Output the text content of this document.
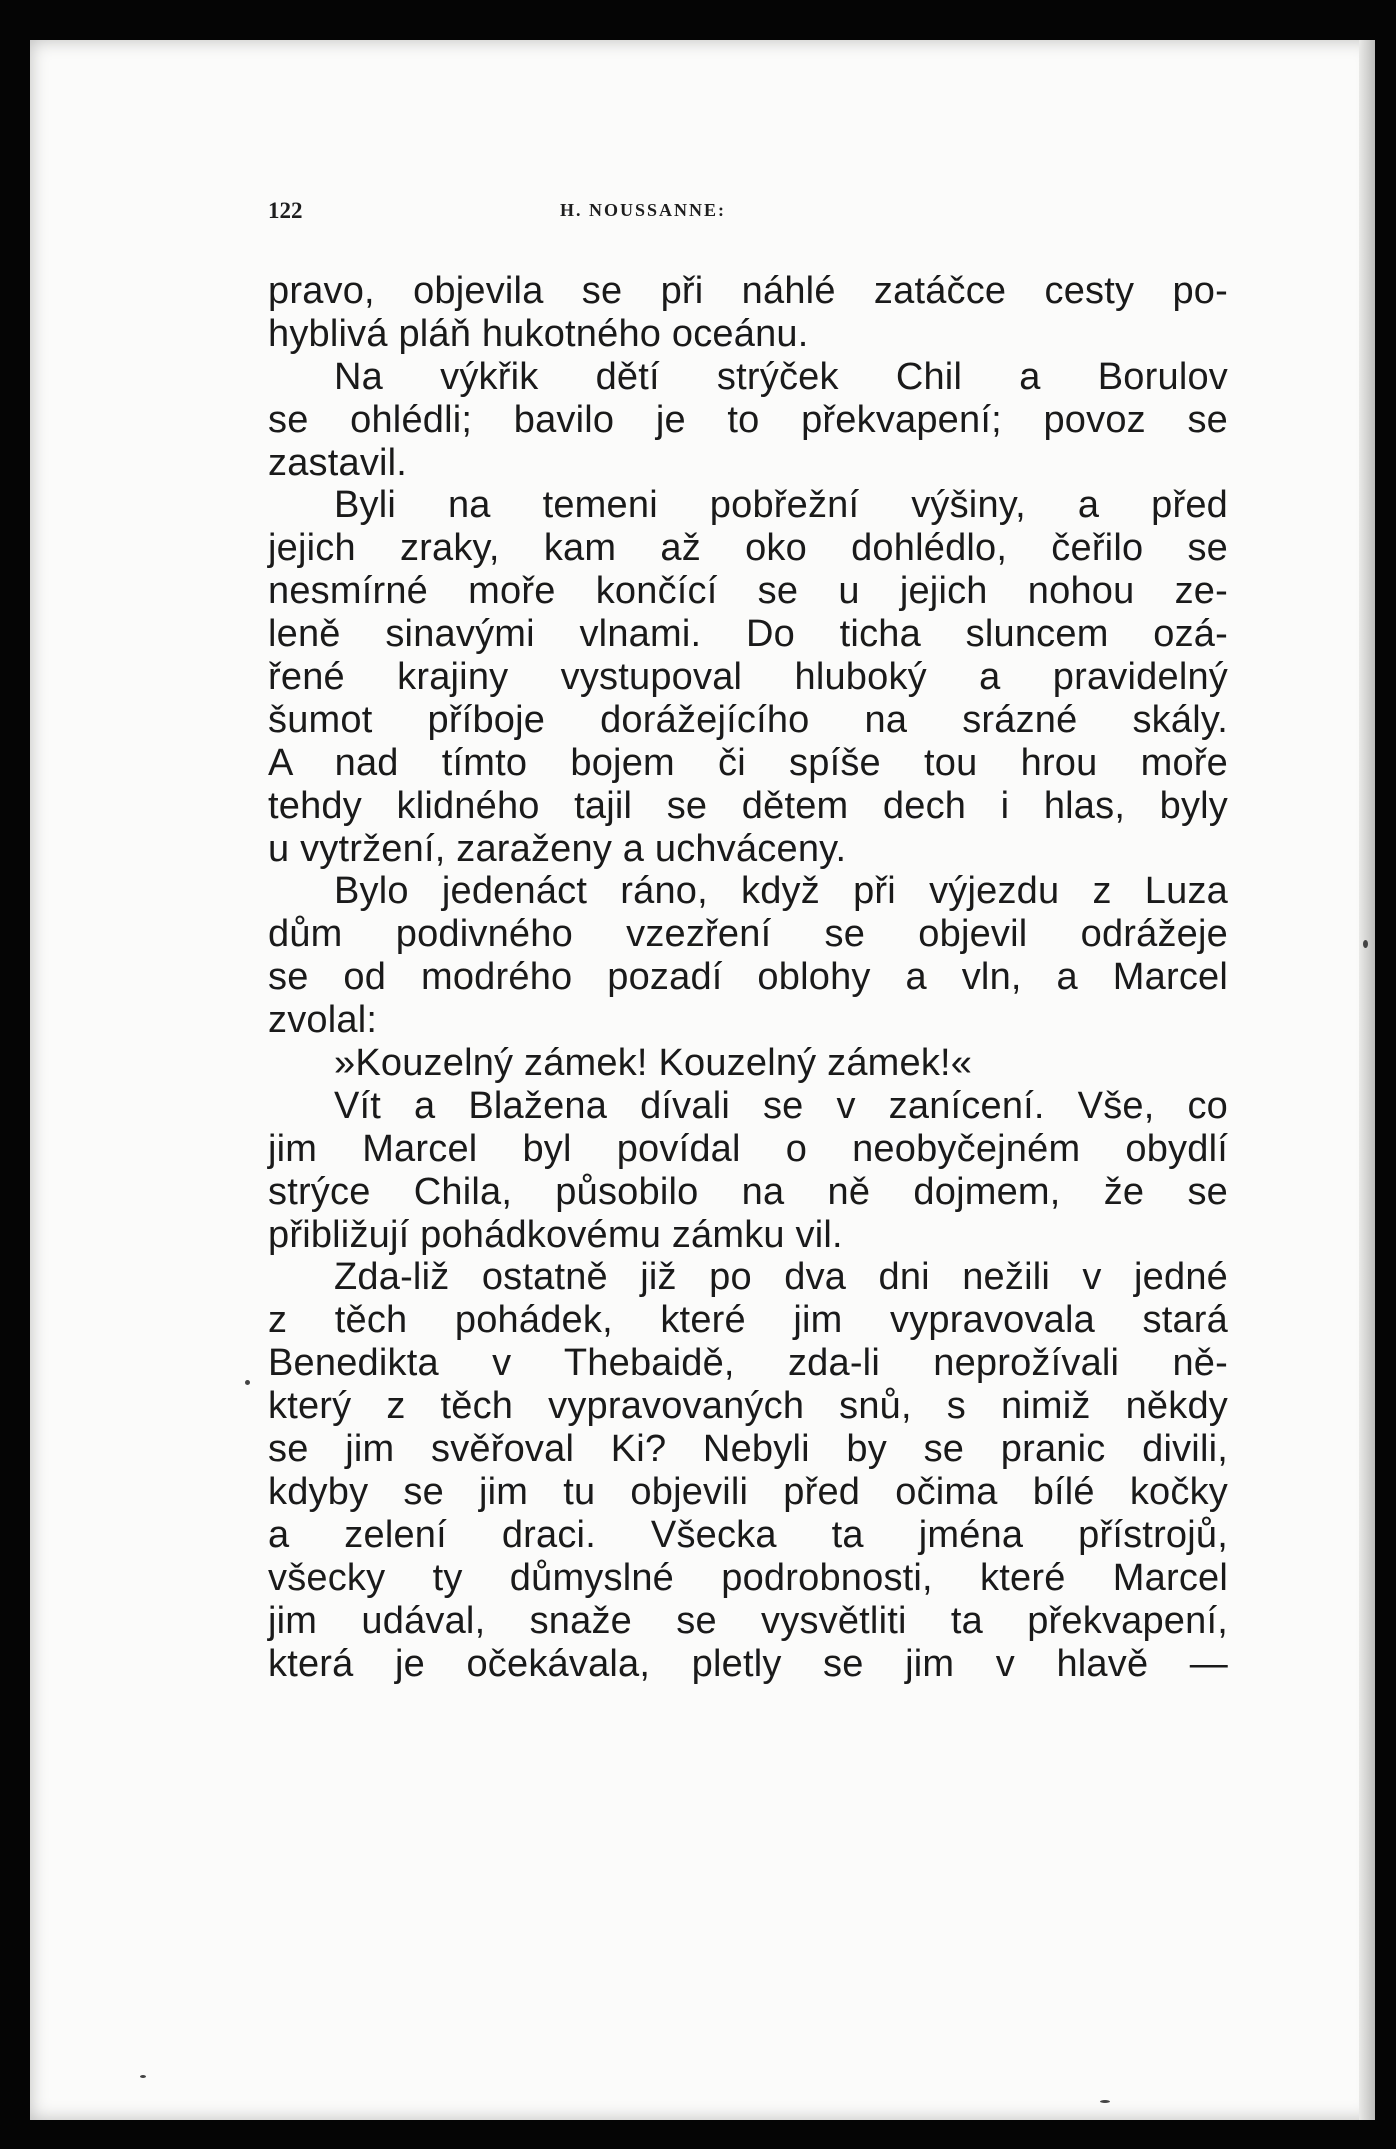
122	H. NOUSSANNE:
pravo, objevila se při náhlé zatáčce cesty po-
hyblivá pláň hukotného oceánu.
Na výkřik dětí strýček Chil a Borulov
se ohlédli; bavilo je to překvapení; povoz se
zastavil.
Byli na temeni pobřežní výšiny, a před
jejich zraky, kam až oko dohlédlo, čeřilo se
nesmírné moře končící se u jejich nohou ze-
leně sinavými vlnami. Do ticha sluncem ozá-
řené krajiny vystupoval hluboký a pravidelný
šumot příboje dorážejícího na srázné skály.
A nad tímto bojem či spíše tou hrou moře
tehdy klidného tajil se dětem dech i hlas, byly
u vytržení, zaraženy a uchváceny.
Bylo jedenáct ráno, když při výjezdu z Luza
dům podivného vzezření se objevil odrážeje
se od modrého pozadí oblohy a vln, a Marcel
zvolal:
»Kouzelný zámek! Kouzelný zámek!«
Vít a Blažena dívali se v zanícení. Vše, co
jim Marcel byl povídal o neobyčejném obydlí
strýce Chila, působilo na ně dojmem, že se
přibližují pohádkovému zámku vil.
Zda-liž ostatně již po dva dni nežili v jedné
z těch pohádek, které jim vypravovala stará
Benedikta v Thebaidě, zda-li neprožívali ně-
který z těch vypravovaných snů, s nimiž někdy
se jim svěřoval Ki? Nebyli by se pranic divili,
kdyby se jim tu objevili před očima bílé kočky
a zelení draci. Všecka ta jména přístrojů,
všecky ty důmyslné podrobnosti, které Marcel
jim udával, snaže se vysvětliti ta překvapení,
která je očekávala, pletly se jim v hlavě —
